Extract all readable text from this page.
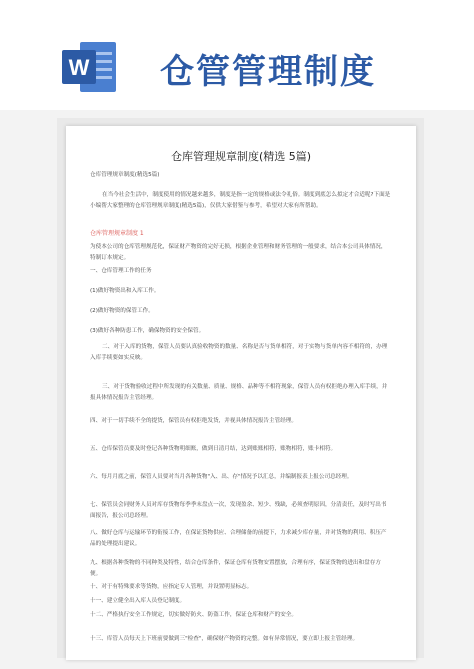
W 仓管管理制度
仓库管理规章制度(精选 5篇)
仓库管理规章制度(精选5篇)
在当今社会生活中，制度使用的情况越来越多，制度是指一定的规格或法令礼俗。制度到底怎么拟定才合适呢?下面是小编帮大家整理的仓库管理规章制度(精选5篇)，仅供大家借鉴与参考，希望对大家有所帮助。
仓库管理规章制度 1
为使本公司的仓库管理规范化，保证财产物资的完好无损，根据企业管理和财务管理的一般要求，结合本公司具体情况，特制订本规定。
一、仓库管理工作的任务
(1)做好物资出和入库工作。
(2)做好物资的保管工作。
(3)做好各种防患工作，确保物资的安全保管。
二、对于入库的货物，保管人员要认真验收物资的数量、名称是否与货单相符，对于实物与货单内容不相符的，办理入库手续要如实反映。
三、对于货物验收过程中所发现的有关数量、质量、规格、品种等不相符现象，保管人员有权拒绝办理入库手续，并报具体情况报告主管经理。
四、对于一切手续不全的提货，保管员有权拒绝发货，并视具体情况报告主管经理。
五、仓库保管员要及时登记各种货物明细账，做到日清月结，达到账账相符，账物相符，账卡相符。
六、每月月底之前，保管人员要对当月各种货物"入、出、存"情况予以汇总，并编制报表上报公司总经理。
七、保管员会同财务人员对库存货物每季季末盘点一次，发现盈余、短少、残缺，必须查明原因，分清责任，及时写出书面报告，报公司总经理。
八、做好仓库与运输环节的衔接工作，在保证货物供应、合理储备的前提下，力求减少库存量，并对货物的利用、积压产品的处理提出建议。
九、根据各种货物的不同种类及特性，结合仓库条件，保证仓库有货物安置摆放，合理有序，保证货物的进出和盘存方便。
十、对于有特殊要求等货物，应指定专人管理，并设置明显标志。
十一、建立健全出入库人员登记制度。
十二、严格执行安全工作规定，切实做好防火、防盗工作，保证仓库和财产的安全。
十三、库管人员每天上下班前要做到三"检查"，确保财产物资的完整。如有异常情况，要立即上报主管经理。
